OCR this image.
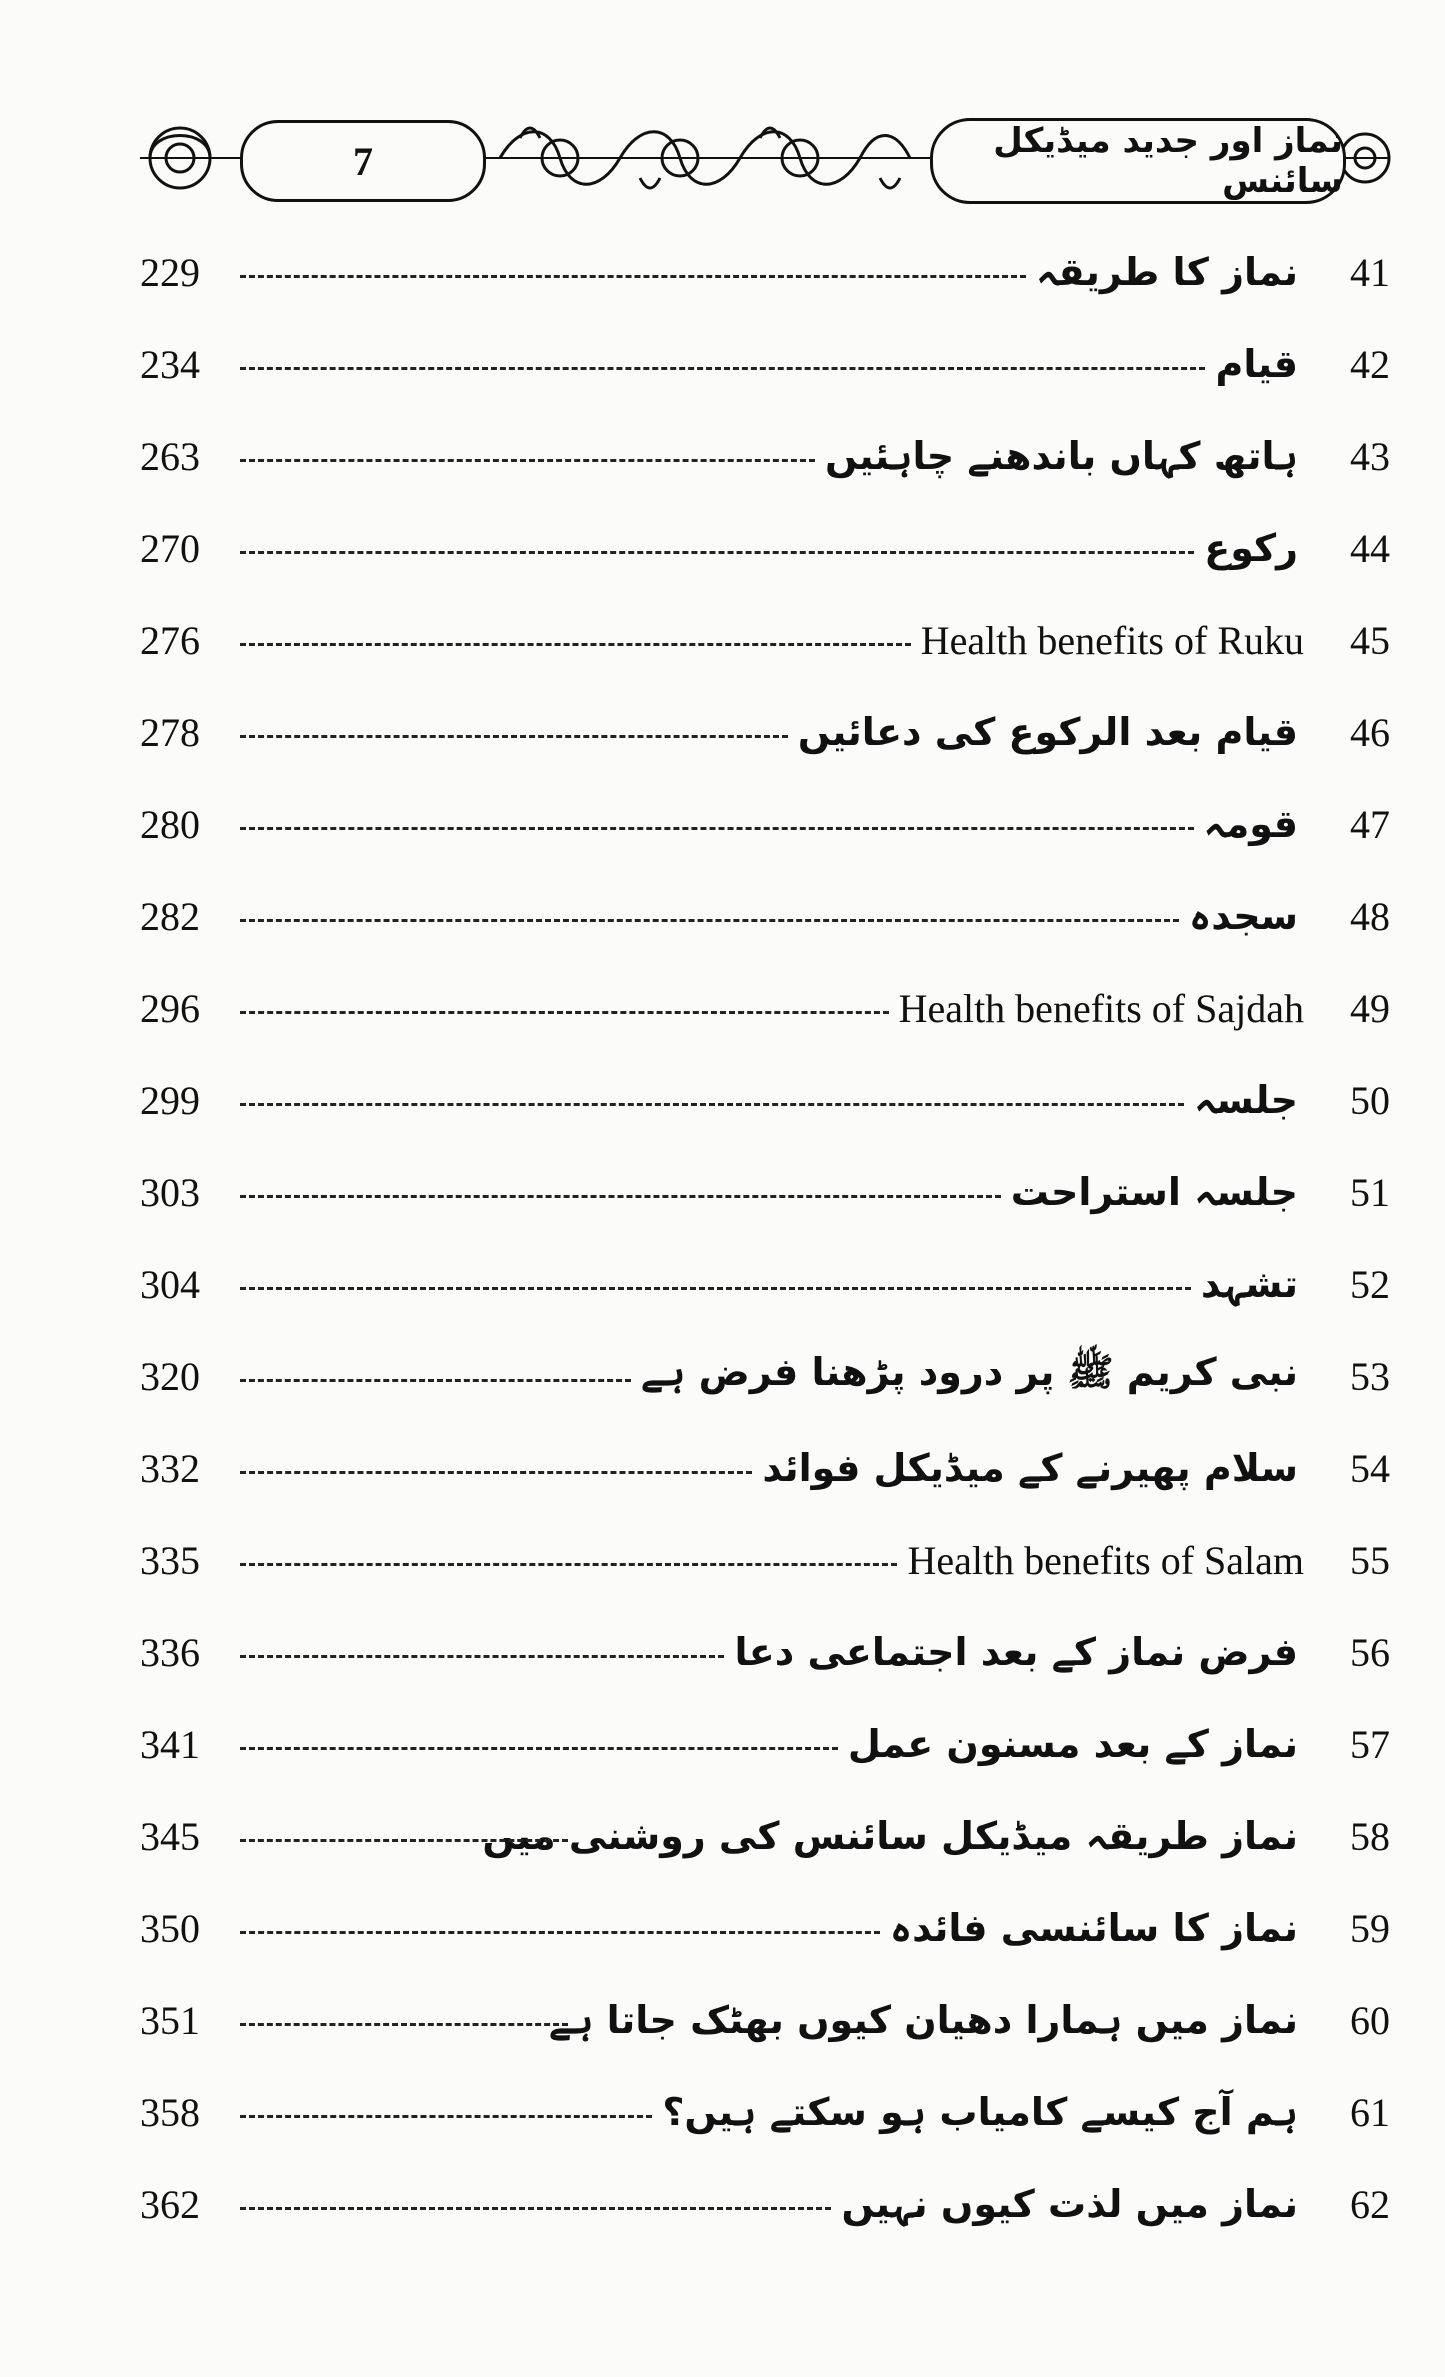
7	نماز اور جدید میڈیکل سائنس
41
نماز کا طریقہ
229
42
قیام
234
43
ہاتھ کہاں باندھنے چاہئیں
263
44
رکوع
270
45
Health benefits of Ruku
276
46
قیام بعد الرکوع کی دعائیں
278
47
قومہ
280
48
سجدہ
282
49
Health benefits of Sajdah
296
50
جلسہ
299
51
جلسہ استراحت
303
52
تشہد
304
53
نبی کریم ﷺ پر درود پڑھنا فرض ہے
320
54
سلام پھیرنے کے میڈیکل فوائد
332
55
Health benefits of Salam
335
56
فرض نماز کے بعد اجتماعی دعا
336
57
نماز کے بعد مسنون عمل
341
58
نماز طریقہ میڈیکل سائنس کی روشنی میں
345
59
نماز کا سائنسی فائدہ
350
60
نماز میں ہمارا دھیان کیوں بھٹک جاتا ہے
351
61
ہم آج کیسے کامیاب ہو سکتے ہیں؟
358
62
نماز میں لذت کیوں نہیں
362
